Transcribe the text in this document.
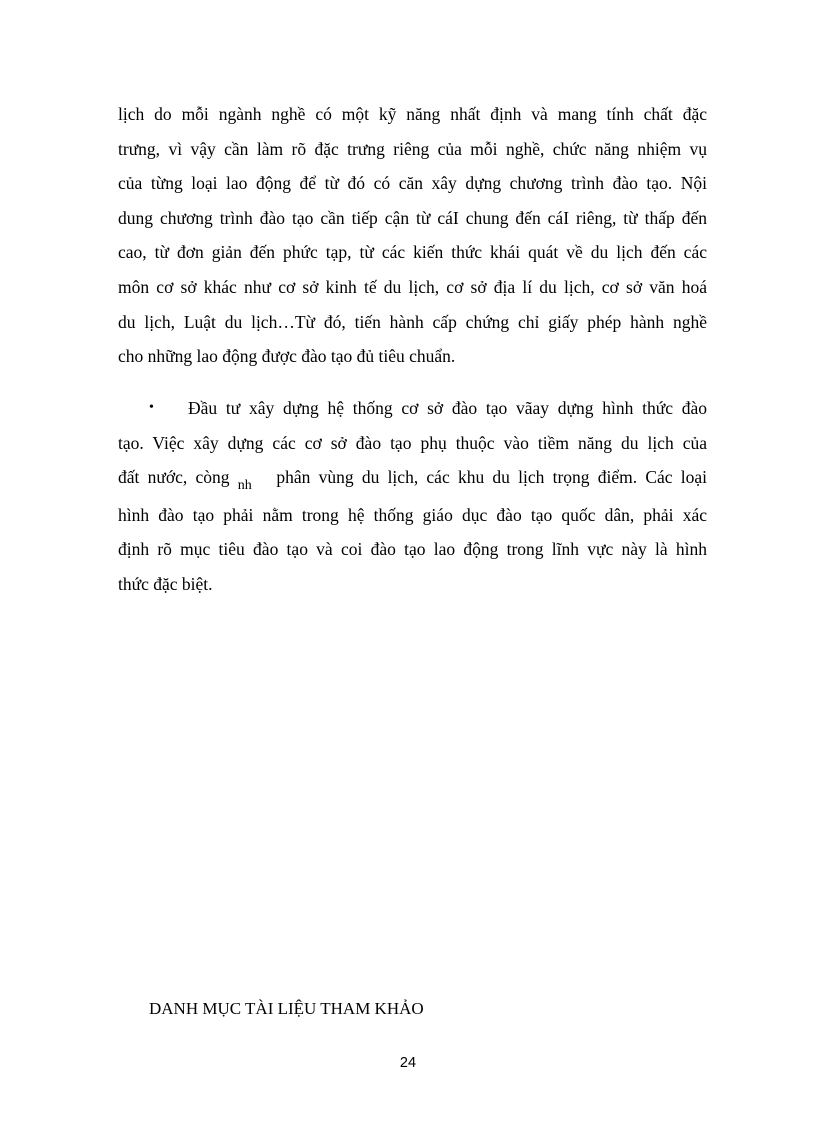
lịch do mỗi ngành nghề có một kỹ năng nhất định và mang tính chất đặc
trưng, vì vậy cần làm rõ đặc trưng riêng của mỗi nghề, chức năng nhiệm vụ
của từng loại lao động để từ đó có căn xây dựng chương trình đào tạo. Nội
dung chương trình đào tạo cần tiếp cận từ cáI chung đến cáI riêng, từ thấp đến
cao, từ đơn giản đến phức tạp, từ các kiến thức khái quát về du lịch đến các
môn cơ sở khác như cơ sở kinh tế du lịch, cơ sở địa lí du lịch, cơ sở văn hoá
du lịch, Luật du lịch…Từ đó, tiến hành cấp chứng chỉ giấy phép hành nghề
cho những lao động được đào tạo đủ tiêu chuẩn.
•	Đầu tư xây dựng hệ thống cơ sở đào tạo vãay dựng hình thức đào
tạo. Việc xây dựng các cơ sở đào tạo phụ thuộc vào tiềm năng du lịch của
đất nước, còng $_{nh}$ phân vùng du lịch, các khu du lịch trọng điểm. Các loại
hình đào tạo phải nằm trong hệ thống giáo dục đào tạo quốc dân, phải xác
định rõ mục tiêu đào tạo và coi đào tạo lao động trong lĩnh vực này là hình
thức đặc biệt.
DANH MỤC TÀI LIỆU THAM KHẢO
24
